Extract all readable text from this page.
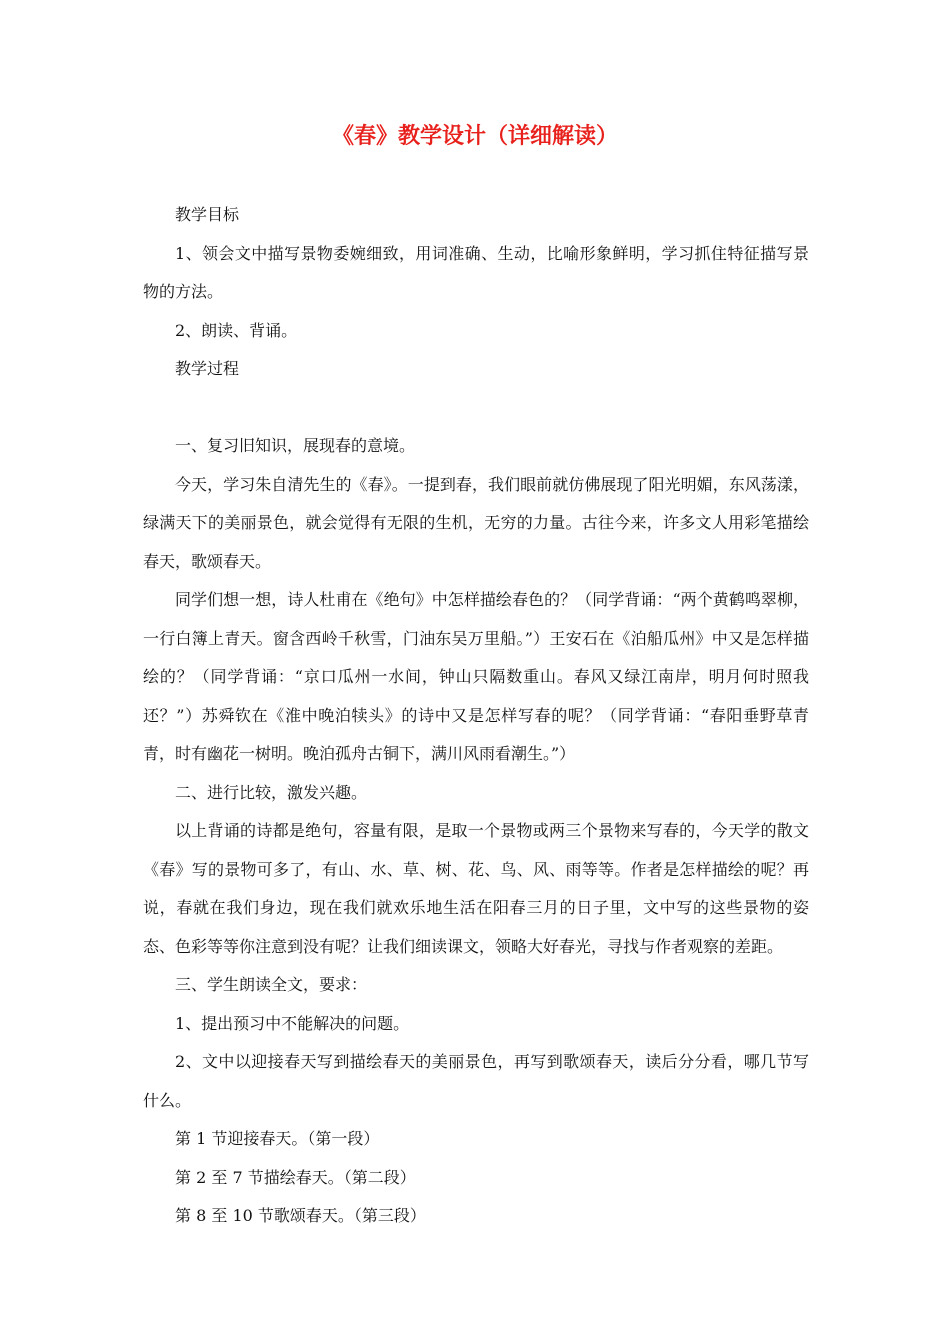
《春》教学设计（详细解读）

教学目标

1、领会文中描写景物委婉细致，用词准确、生动，比喻形象鲜明，学习抓住特征描写景物的方法。

2、朗读、背诵。

教学过程

一、复习旧知识，展现春的意境。

今天，学习朱自清先生的《春》。一提到春，我们眼前就仿佛展现了阳光明媚，东风荡漾，绿满天下的美丽景色，就会觉得有无限的生机，无穷的力量。古往今来，许多文人用彩笔描绘春天，歌颂春天。

同学们想一想，诗人杜甫在《绝句》中怎样描绘春色的？（同学背诵：“两个黄鹤鸣翠柳，一行白簿上青天。窗含西岭千秋雪，门油东吴万里船。”）王安石在《泊船瓜州》中又是怎样描绘的？（同学背诵：“京口瓜州一水间，钟山只隔数重山。春风又绿江南岸，明月何时照我还？”）苏舜钦在《淮中晚泊犊头》的诗中又是怎样写春的呢？（同学背诵：“春阳垂野草青青，时有幽花一树明。晚泊孤舟古铜下，满川风雨看潮生。”）

二、进行比较，激发兴趣。

以上背诵的诗都是绝句，容量有限，是取一个景物或两三个景物来写春的，今天学的散文《春》写的景物可多了，有山、水、草、树、花、鸟、风、雨等等。作者是怎样描绘的呢？再说，春就在我们身边，现在我们就欢乐地生活在阳春三月的日子里，文中写的这些景物的姿态、色彩等等你注意到没有呢？让我们细读课文，领略大好春光，寻找与作者观察的差距。

三、学生朗读全文，要求：

1、提出预习中不能解决的问题。

2、文中以迎接春天写到描绘春天的美丽景色，再写到歌颂春天，读后分分看，哪几节写什么。

第 1 节迎接春天。（第一段）

第 2 至 7 节描绘春天。（第二段）

第 8 至 10 节歌颂春天。（第三段）
